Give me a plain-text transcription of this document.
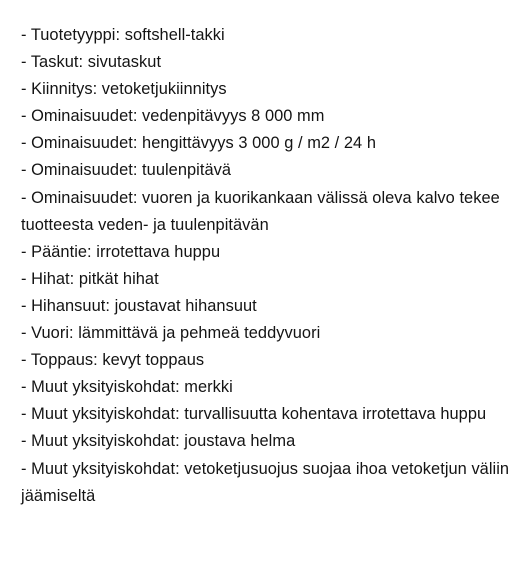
- Tuotetyyppi: softshell-takki
- Taskut: sivutaskut
- Kiinnitys: vetoketjukiinnitys
- Ominaisuudet: vedenpitävyys 8 000 mm
- Ominaisuudet: hengittävyys 3 000 g / m2 / 24 h
- Ominaisuudet: tuulenpitävä
- Ominaisuudet: vuoren ja kuorikankaan välissä oleva kalvo tekee tuotteesta veden- ja tuulenpitävän
- Pääntie: irrotettava huppu
- Hihat: pitkät hihat
- Hihansuut: joustavat hihansuut
- Vuori: lämmittävä ja pehmeä teddyvuori
- Toppaus: kevyt toppaus
- Muut yksityiskohdat: merkki
- Muut yksityiskohdat: turvallisuutta kohentava irrotettava huppu
- Muut yksityiskohdat: joustava helma
- Muut yksityiskohdat: vetoketjusuojus suojaa ihoa vetoketjun väliin jäämiseltä
